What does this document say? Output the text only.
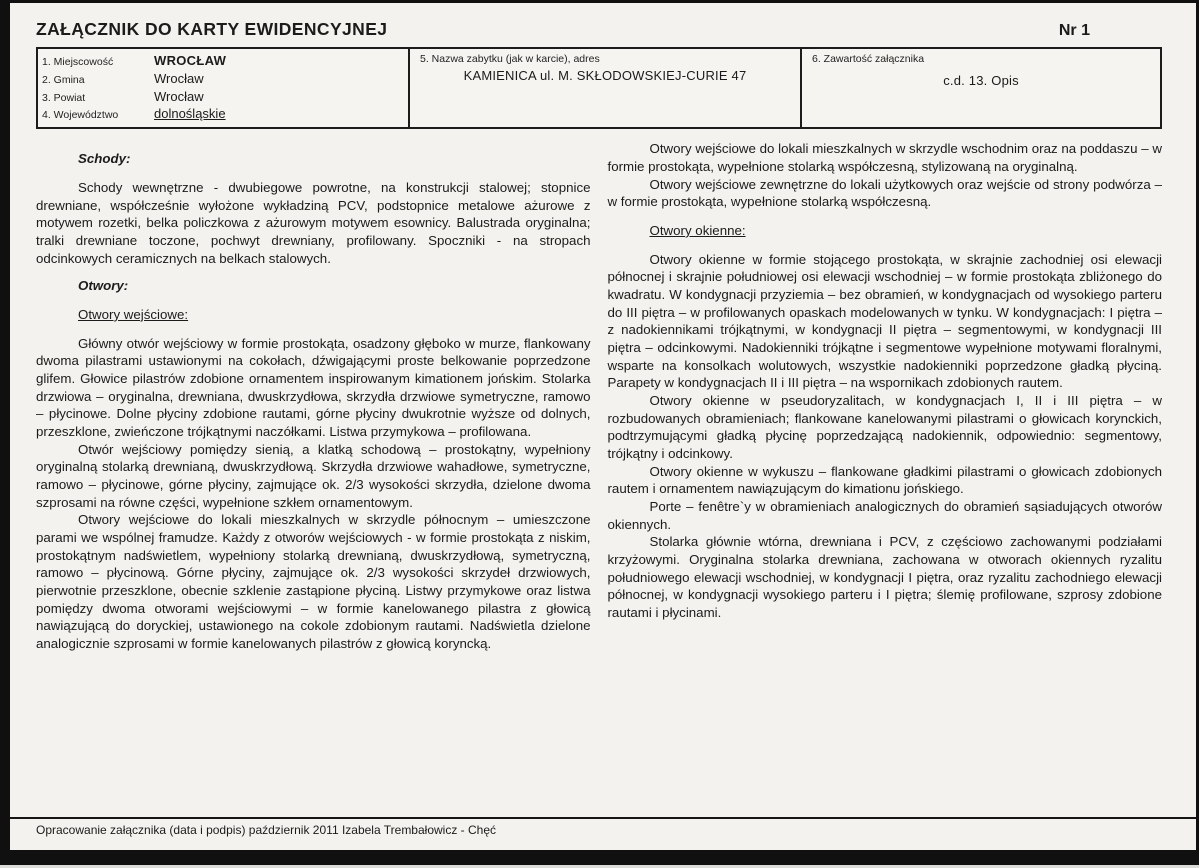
ZAŁĄCZNIK DO KARTY EWIDENCYJNEJ	Nr 1
1. Miejscowość	WROCŁAW
2. Gmina	Wrocław
3. Powiat	Wrocław
4. Województwo	dolnośląskie
5. Nazwa zabytku (jak w karcie), adres
KAMIENICA ul. M. SKŁODOWSKIEJ-CURIE 47
6. Zawartość załącznika
c.d. 13. Opis

Schody:

Schody wewnętrzne - dwubiegowe powrotne, na konstrukcji stalowej; stopnice drewniane, współcześnie wyłożone wykładziną PCV, podstopnice metalowe ażurowe z motywem rozetki, belka policzkowa z ażurowym motywem esownicy. Balustrada oryginalna; tralki drewniane toczone, pochwyt drewniany, profilowany. Spoczniki - na stropach odcinkowych ceramicznych na belkach stalowych.

Otwory:

Otwory wejściowe:

Główny otwór wejściowy w formie prostokąta, osadzony głęboko w murze, flankowany dwoma pilastrami ustawionymi na cokołach, dźwigającymi proste belkowanie poprzedzone glifem. Głowice pilastrów zdobione ornamentem inspirowanym kimationem jońskim. Stolarka drzwiowa – oryginalna, drewniana, dwuskrzydłowa, skrzydła drzwiowe symetryczne, ramowo – płycinowe. Dolne płyciny zdobione rautami, górne płyciny dwukrotnie wyższe od dolnych, przeszklone, zwieńczone trójkątnymi naczółkami. Listwa przymykowa – profilowana.

Otwór wejściowy pomiędzy sienią, a klatką schodową – prostokątny, wypełniony oryginalną stolarką drewnianą, dwuskrzydłową. Skrzydła drzwiowe wahadłowe, symetryczne, ramowo – płycinowe, górne płyciny, zajmujące ok. 2/3 wysokości skrzydła, dzielone dwoma szprosami na równe części, wypełnione szkłem ornamentowym.

Otwory wejściowe do lokali mieszkalnych w skrzydle północnym – umieszczone parami we wspólnej framudze. Każdy z otworów wejściowych - w formie prostokąta z niskim, prostokątnym nadświetlem, wypełniony stolarką drewnianą, dwuskrzydłową, symetryczną, ramowo – płycinową. Górne płyciny, zajmujące ok. 2/3 wysokości skrzydeł drzwiowych, pierwotnie przeszklone, obecnie szklenie zastąpione płyciną. Listwy przymykowe oraz listwa pomiędzy dwoma otworami wejściowymi – w formie kanelowanego pilastra z głowicą nawiązującą do doryckiej, ustawionego na cokole zdobionym rautami. Nadświetla dzielone analogicznie szprosami w formie kanelowanych pilastrów z głowicą koryncką.

Otwory wejściowe do lokali mieszkalnych w skrzydle wschodnim oraz na poddaszu – w formie prostokąta, wypełnione stolarką współczesną, stylizowaną na oryginalną.

Otwory wejściowe zewnętrzne do lokali użytkowych oraz wejście od strony podwórza – w formie prostokąta, wypełnione stolarką współczesną.

Otwory okienne:

Otwory okienne w formie stojącego prostokąta, w skrajnie zachodniej osi elewacji północnej i skrajnie południowej osi elewacji wschodniej – w formie prostokąta zbliżonego do kwadratu. W kondygnacji przyziemia – bez obramień, w kondygnacjach od wysokiego parteru do III piętra – w profilowanych opaskach modelowanych w tynku. W kondygnacjach: I piętra – z nadokiennikami trójkątnymi, w kondygnacji II piętra – segmentowymi, w kondygnacji III piętra – odcinkowymi. Nadokienniki trójkątne i segmentowe wypełnione motywami floralnymi, wsparte na konsolkach wolutowych, wszystkie nadokienniki poprzedzone gładką płyciną. Parapety w kondygnacjach II i III piętra – na wspornikach zdobionych rautem.

Otwory okienne w pseudoryzalitach, w kondygnacjach I, II i III piętra – w rozbudowanych obramieniach; flankowane kanelowanymi pilastrami o głowicach korynckich, podtrzymującymi gładką płycinę poprzedzającą nadokiennik, odpowiednio: segmentowy, trójkątny i odcinkowy.

Otwory okienne w wykuszu – flankowane gładkimi pilastrami o głowicach zdobionych rautem i ornamentem nawiązującym do kimationu jońskiego.

Porte – fenêtre`y w obramieniach analogicznych do obramień sąsiadujących otworów okiennych.

Stolarka głównie wtórna, drewniana i PCV, z częściowo zachowanymi podziałami krzyżowymi. Oryginalna stolarka drewniana, zachowana w otworach okiennych ryzalitu południowego elewacji wschodniej, w kondygnacji I piętra, oraz ryzalitu zachodniego elewacji północnej, w kondygnacji wysokiego parteru i I piętra; ślemię profilowane, szprosy zdobione rautami i płycinami.

Opracowanie załącznika (data i podpis) październik 2011 Izabela Trembałowicz - Chęć
